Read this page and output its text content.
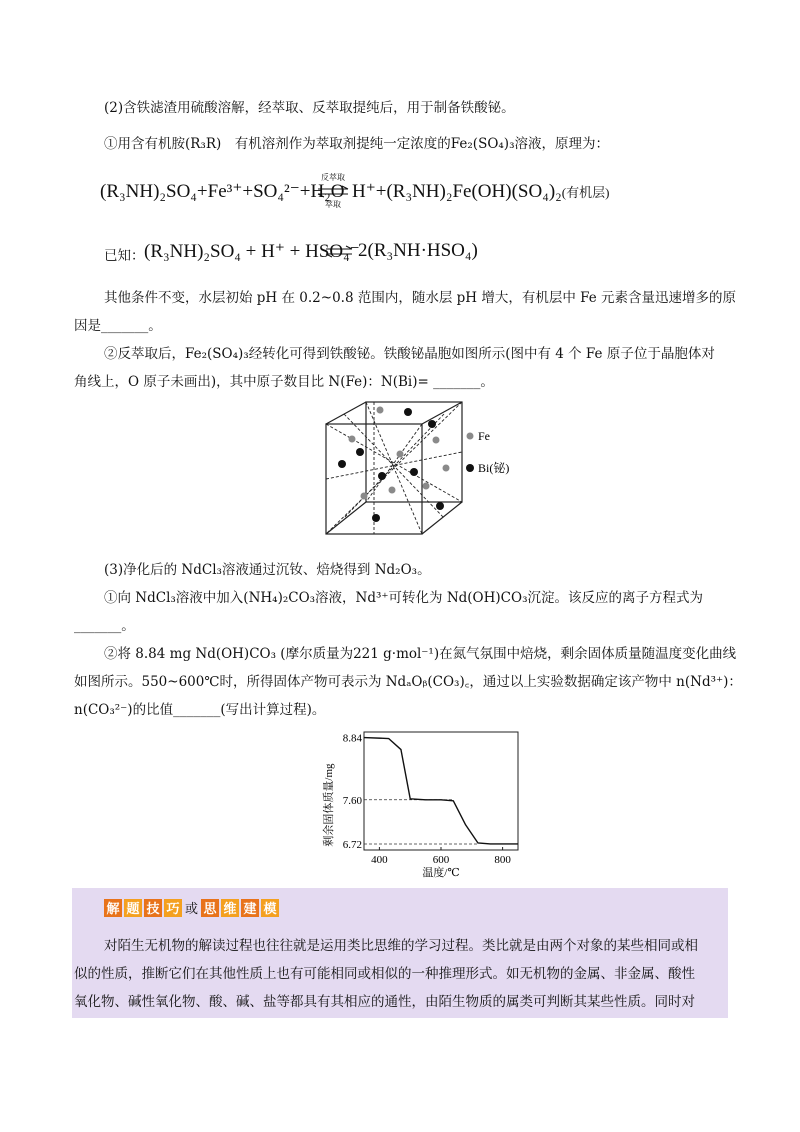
(2)含铁滤渣用硫酸溶解，经萃取、反萃取提纯后，用于制备铁酸铋。
①用含有机胺(R₃R)　有机溶剂作为萃取剂提纯一定浓度的Fe₂(SO₄)₃溶液，原理为：
(R₃NH)₂SO₄+Fe³⁺+SO₄²⁻+H₂O
反萃取
萃取
H⁺+(R₃NH)₂Fe(OH)(SO₄)₂(有机层)
已知： (R₃NH)₂SO₄ + H⁺ + HSO₄⁻ ⇌ 2(R₃NH·HSO₄)
其他条件不变，水层初始 pH 在 0.2~0.8 范围内，随水层 pH 增大，有机层中 Fe 元素含量迅速增多的原
因是_______。
②反萃取后，Fe₂(SO₄)₃经转化可得到铁酸铋。铁酸铋晶胞如图所示(图中有 4 个 Fe 原子位于晶胞体对
角线上，O 原子未画出)，其中原子数目比 N(Fe)：N(Bi)= _______。
Fe
Bi(铋)
(3)净化后的 NdCl₃溶液通过沉钕、焙烧得到 Nd₂O₃。
①向 NdCl₃溶液中加入(NH₄)₂CO₃溶液，Nd³⁺可转化为 Nd(OH)CO₃沉淀。该反应的离子方程式为
_______。
②将 8.84 mg Nd(OH)CO₃ (摩尔质量为221 g·mol⁻¹)在氮气氛围中焙烧，剩余固体质量随温度变化曲线
如图所示。550~600℃时，所得固体产物可表示为 NdₐOᵦ(CO₃)꜀，通过以上实验数据确定该产物中 n(Nd³⁺)：
n(CO₃²⁻)的比值_______(写出计算过程)。
剩余固体质量/mg
温度/℃
8.84
7.60
6.72
400	600	800
解 题 技 巧 或 思 维 建 模
对陌生无机物的解读过程也往往就是运用类比思维的学习过程。类比就是由两个对象的某些相同或相
似的性质，推断它们在其他性质上也有可能相同或相似的一种推理形式。如无机物的金属、非金属、酸性
氧化物、碱性氧化物、酸、碱、盐等都具有其相应的通性，由陌生物质的属类可判断其某些性质。同时对
